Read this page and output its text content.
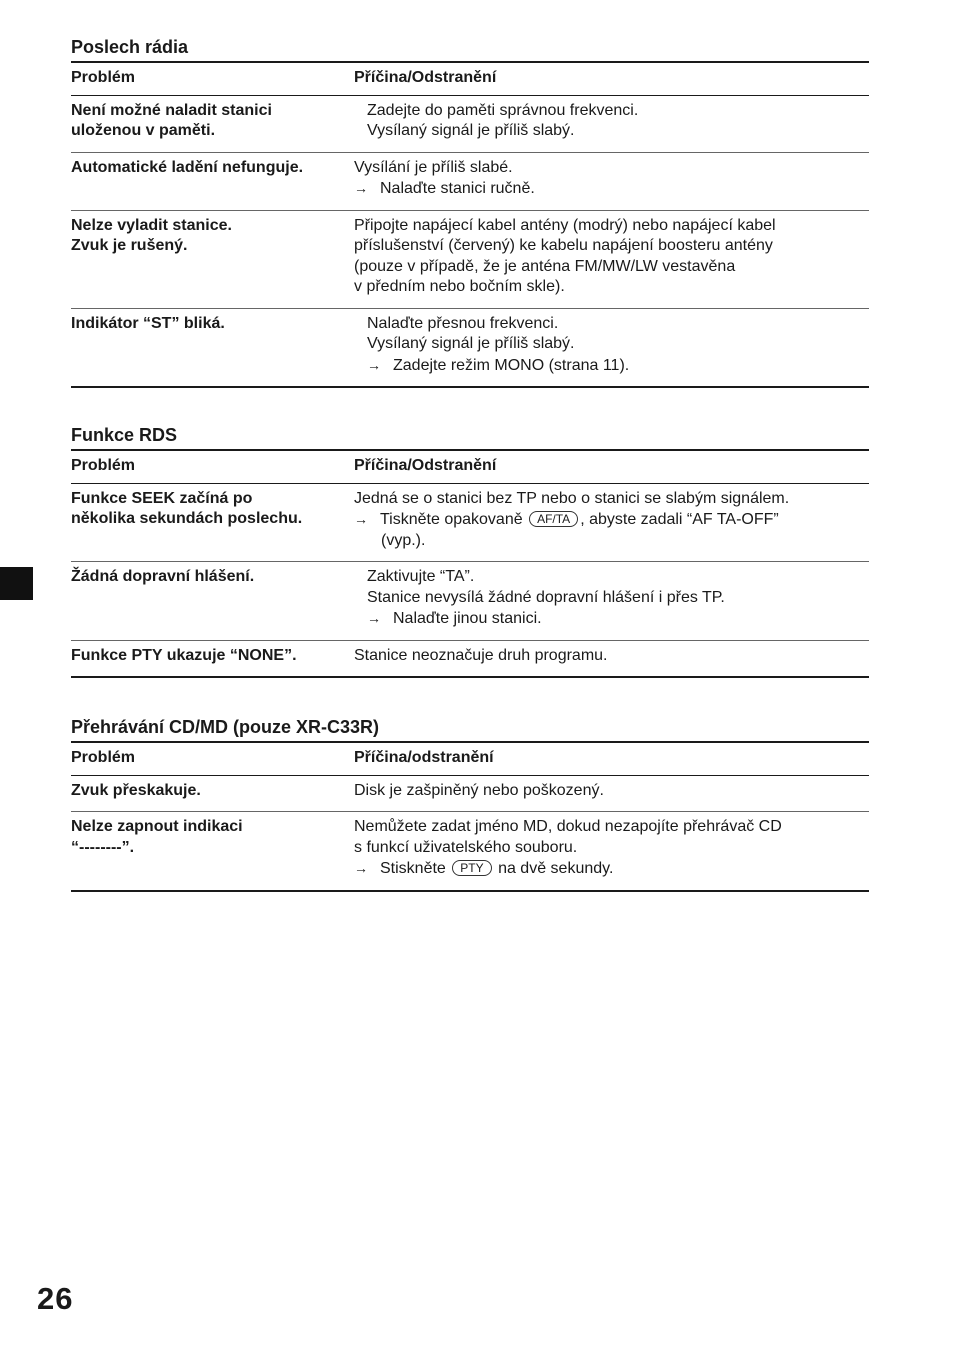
Poslech rádia
Problém	Příčina/Odstranění
Není možné naladit stanici
uloženou v paměti.	Zadejte do paměti správnou frekvenci.
Vysílaný signál je příliš slabý.

Automatické ladění nefunguje.	Vysílání je příliš slabé.
→ Nalaďte stanici ručně.

Nelze vyladit stanice.
Zvuk je rušený.	Připojte napájecí kabel antény (modrý) nebo napájecí kabel
příslušenství (červený) ke kabelu napájení boosteru antény
(pouze v případě, že je anténa FM/MW/LW vestavěna
v předním nebo bočním skle).

Indikátor “ST” bliká.	Nalaďte přesnou frekvenci.
Vysílaný signál je příliš slabý.
→ Zadejte režim MONO (strana 11).
Funkce RDS
Problém	Příčina/Odstranění
Funkce SEEK začíná po
několika sekundách poslechu.	Jedná se o stanici bez TP nebo o stanici se slabým signálem.
→ Tiskněte opakovaně AF/TA , abyste zadali “AF TA-OFF”
(vyp.).

Žádná dopravní hlášení.	Zaktivujte “TA”.
Stanice nevysílá žádné dopravní hlášení i přes TP.
→ Nalaďte jinou stanici.

Funkce PTY ukazuje “NONE”.	Stanice neoznačuje druh programu.
Přehrávání CD/MD (pouze XR-C33R)
Problém	Příčina/odstranění
Zvuk přeskakuje.	Disk je zašpiněný nebo poškozený.

Nelze zapnout indikaci
“--------”.	Nemůžete zadat jméno MD, dokud nezapojíte přehrávač CD
s funkcí uživatelského souboru.
→ Stiskněte PTY na dvě sekundy.
26
